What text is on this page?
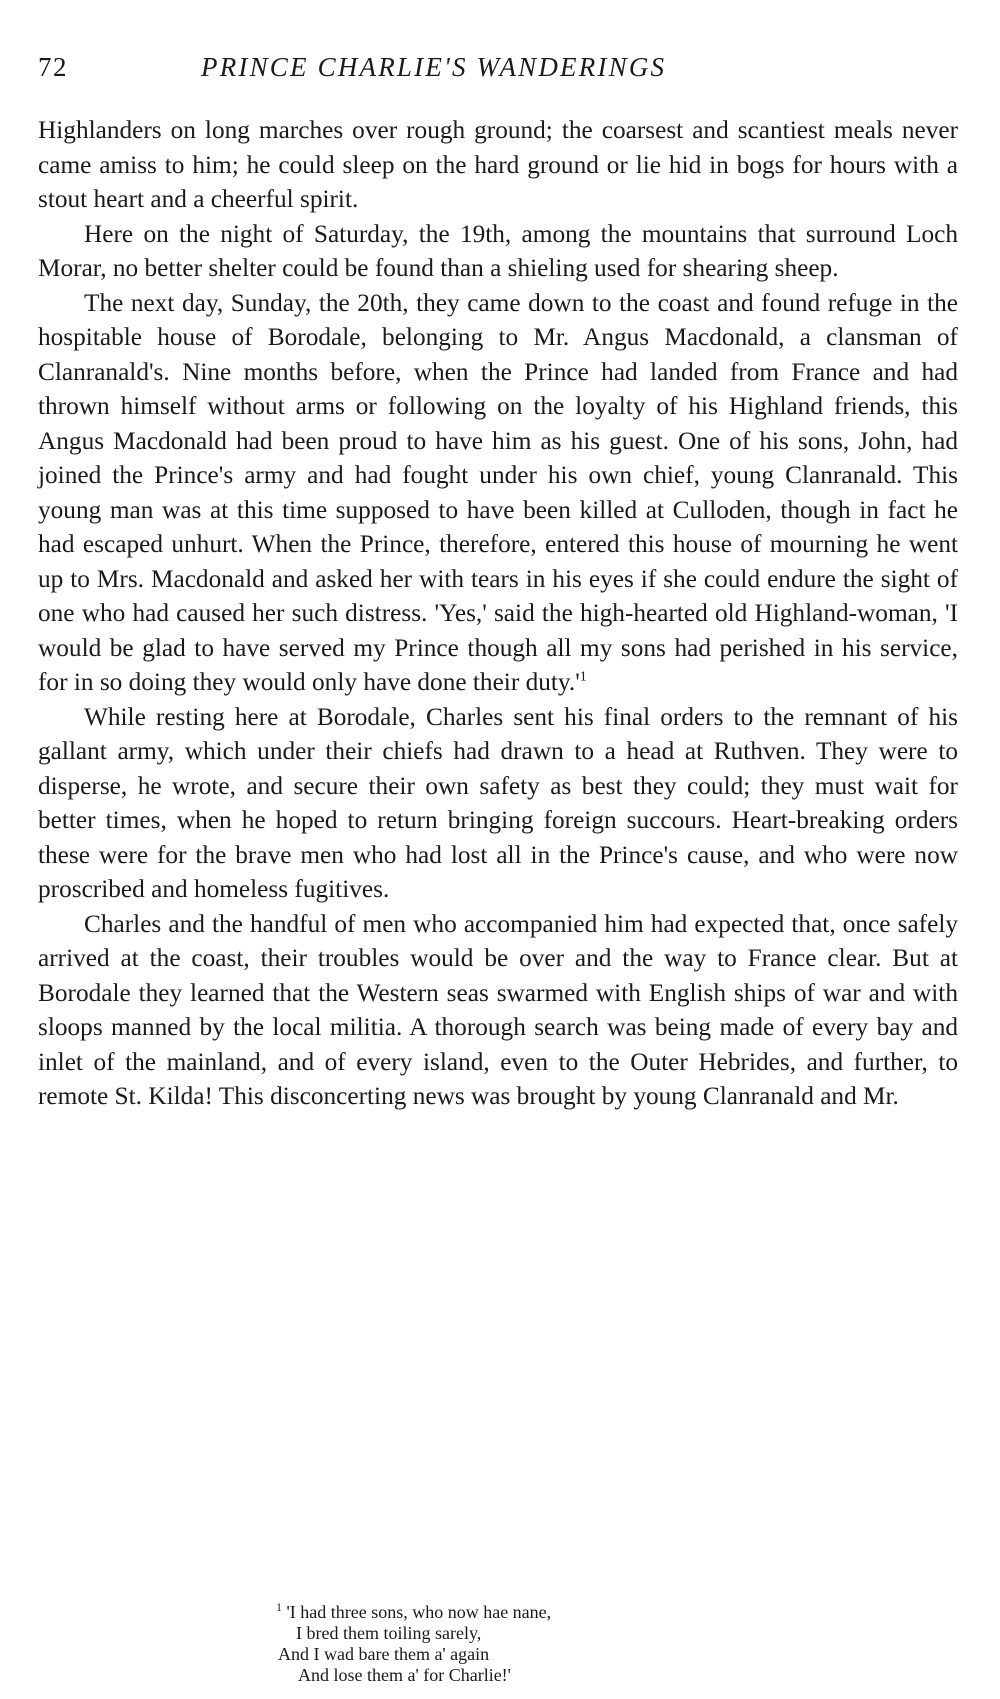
72	PRINCE CHARLIE'S WANDERINGS

Highlanders on long marches over rough ground; the coarsest and scantiest meals never came amiss to him; he could sleep on the hard ground or lie hid in bogs for hours with a stout heart and a cheerful spirit.

Here on the night of Saturday, the 19th, among the mountains that surround Loch Morar, no better shelter could be found than a shieling used for shearing sheep.

The next day, Sunday, the 20th, they came down to the coast and found refuge in the hospitable house of Borodale, belonging to Mr. Angus Macdonald, a clansman of Clanranald's. Nine months before, when the Prince had landed from France and had thrown himself without arms or following on the loyalty of his Highland friends, this Angus Macdonald had been proud to have him as his guest. One of his sons, John, had joined the Prince's army and had fought under his own chief, young Clanranald. This young man was at this time supposed to have been killed at Culloden, though in fact he had escaped unhurt. When the Prince, therefore, entered this house of mourning he went up to Mrs. Macdonald and asked her with tears in his eyes if she could endure the sight of one who had caused her such distress. 'Yes,' said the high-hearted old Highland-woman, 'I would be glad to have served my Prince though all my sons had perished in his service, for in so doing they would only have done their duty.'$^1$

While resting here at Borodale, Charles sent his final orders to the remnant of his gallant army, which under their chiefs had drawn to a head at Ruthven. They were to disperse, he wrote, and secure their own safety as best they could; they must wait for better times, when he hoped to return bringing foreign succours. Heart-breaking orders these were for the brave men who had lost all in the Prince's cause, and who were now proscribed and homeless fugitives.

Charles and the handful of men who accompanied him had expected that, once safely arrived at the coast, their troubles would be over and the way to France clear. But at Borodale they learned that the Western seas swarmed with English ships of war and with sloops manned by the local militia. A thorough search was being made of every bay and inlet of the mainland, and of every island, even to the Outer Hebrides, and further, to remote St. Kilda! This disconcerting news was brought by young Clanranald and Mr.

$^1$ 'I had three sons, who now hae nane,
I bred them toiling sarely,
And I wad bare them a' again
And lose them a' for Charlie!'
